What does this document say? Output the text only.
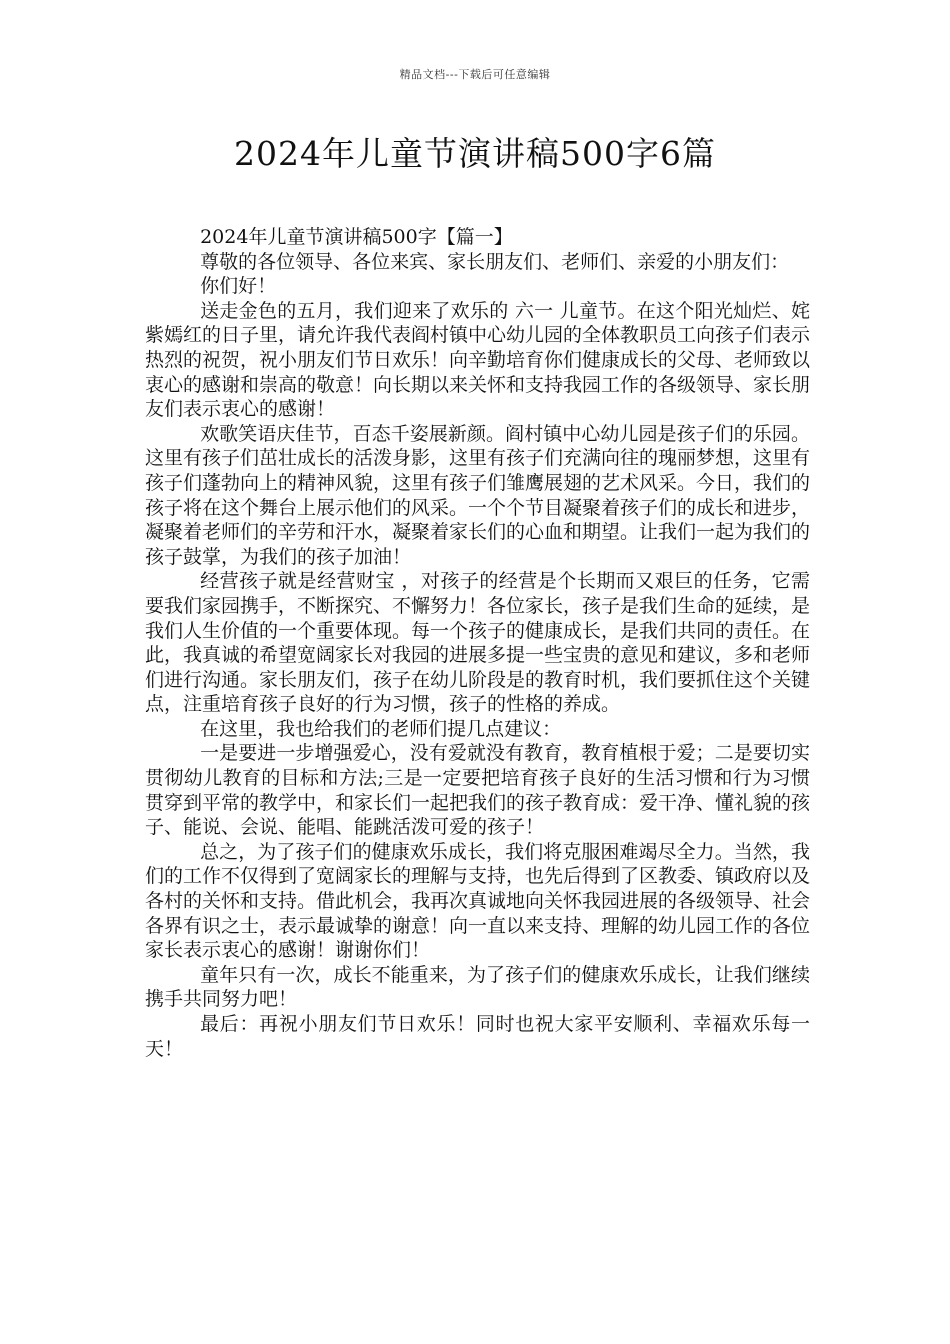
精品文档---下载后可任意编辑
2024年儿童节演讲稿500字6篇

2024年儿童节演讲稿500字【篇一】

尊敬的各位领导、各位来宾、家长朋友们、老师们、亲爱的小朋友们：

你们好！

送走金色的五月，我们迎来了欢乐的 六一 儿童节。在这个阳光灿烂、姹紫嫣红的日子里，请允许我代表阎村镇中心幼儿园的全体教职员工向孩子们表示热烈的祝贺，祝小朋友们节日欢乐！向辛勤培育你们健康成长的父母、老师致以衷心的感谢和崇高的敬意！向长期以来关怀和支持我园工作的各级领导、家长朋友们表示衷心的感谢！

欢歌笑语庆佳节，百态千姿展新颜。阎村镇中心幼儿园是孩子们的乐园。这里有孩子们茁壮成长的活泼身影，这里有孩子们充满向往的瑰丽梦想，这里有孩子们蓬勃向上的精神风貌，这里有孩子们雏鹰展翅的艺术风采。今日，我们的孩子将在这个舞台上展示他们的风采。一个个节目凝聚着孩子们的成长和进步，凝聚着老师们的辛劳和汗水，凝聚着家长们的心血和期望。让我们一起为我们的孩子鼓掌，为我们的孩子加油！

经营孩子就是经营财宝 ，对孩子的经营是个长期而又艰巨的任务，它需要我们家园携手，不断探究、不懈努力！各位家长，孩子是我们生命的延续，是我们人生价值的一个重要体现。每一个孩子的健康成长，是我们共同的责任。在此，我真诚的希望宽阔家长对我园的进展多提一些宝贵的意见和建议，多和老师们进行沟通。家长朋友们，孩子在幼儿阶段是的教育时机，我们要抓住这个关键点，注重培育孩子良好的行为习惯，孩子的性格的养成。

在这里，我也给我们的老师们提几点建议：

一是要进一步增强爱心，没有爱就没有教育，教育植根于爱；二是要切实贯彻幼儿教育的目标和方法;三是一定要把培育孩子良好的生活习惯和行为习惯贯穿到平常的教学中，和家长们一起把我们的孩子教育成：爱干净、懂礼貌的孩子、能说、会说、能唱、能跳活泼可爱的孩子！

总之，为了孩子们的健康欢乐成长，我们将克服困难竭尽全力。当然，我们的工作不仅得到了宽阔家长的理解与支持，也先后得到了区教委、镇政府以及各村的关怀和支持。借此机会，我再次真诚地向关怀我园进展的各级领导、社会各界有识之士，表示最诚挚的谢意！向一直以来支持、理解的幼儿园工作的各位家长表示衷心的感谢！谢谢你们！

童年只有一次，成长不能重来，为了孩子们的健康欢乐成长，让我们继续携手共同努力吧！

最后：再祝小朋友们节日欢乐！同时也祝大家平安顺利、幸福欢乐每一天！
